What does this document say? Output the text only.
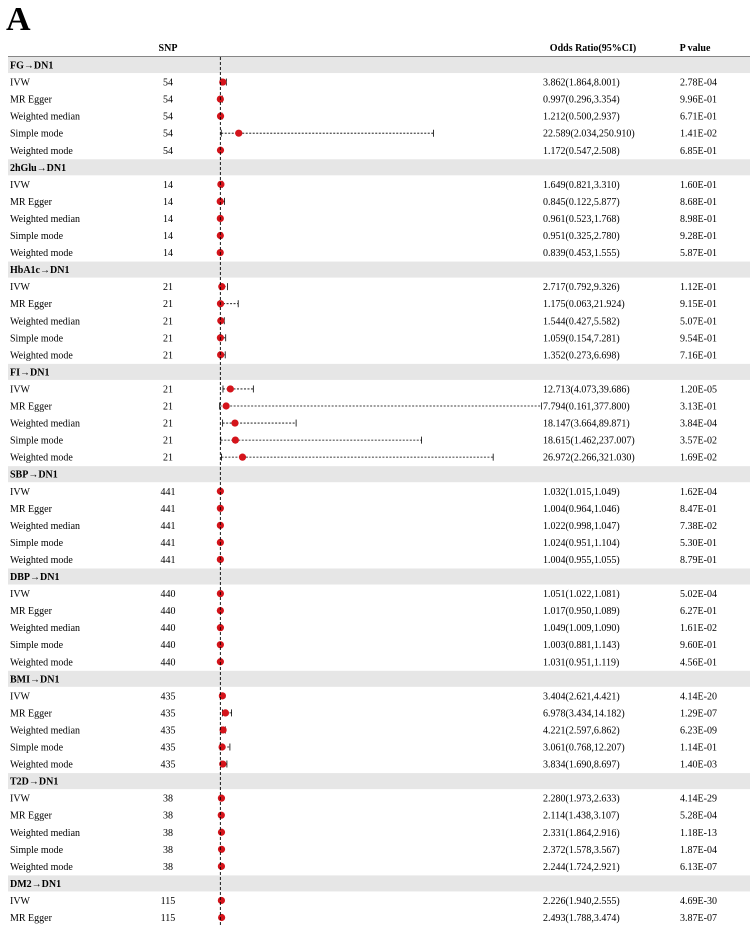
A
SNP	Odds Ratio(95%CI)	P value
FG→DN1
IVW	54	3.862(1.864,8.001)	2.78E-04
MR Egger	54	0.997(0.296,3.354)	9.96E-01
Weighted median	54	1.212(0.500,2.937)	6.71E-01
Simple mode	54	22.589(2.034,250.910)	1.41E-02
Weighted mode	54	1.172(0.547,2.508)	6.85E-01
2hGlu→DN1
IVW	14	1.649(0.821,3.310)	1.60E-01
MR Egger	14	0.845(0.122,5.877)	8.68E-01
Weighted median	14	0.961(0.523,1.768)	8.98E-01
Simple mode	14	0.951(0.325,2.780)	9.28E-01
Weighted mode	14	0.839(0.453,1.555)	5.87E-01
HbA1c→DN1
IVW	21	2.717(0.792,9.326)	1.12E-01
MR Egger	21	1.175(0.063,21.924)	9.15E-01
Weighted median	21	1.544(0.427,5.582)	5.07E-01
Simple mode	21	1.059(0.154,7.281)	9.54E-01
Weighted mode	21	1.352(0.273,6.698)	7.16E-01
FI→DN1
IVW	21	12.713(4.073,39.686)	1.20E-05
MR Egger	21	7.794(0.161,377.800)	3.13E-01
Weighted median	21	18.147(3.664,89.871)	3.84E-04
Simple mode	21	18.615(1.462,237.007)	3.57E-02
Weighted mode	21	26.972(2.266,321.030)	1.69E-02
SBP→DN1
IVW	441	1.032(1.015,1.049)	1.62E-04
MR Egger	441	1.004(0.964,1.046)	8.47E-01
Weighted median	441	1.022(0.998,1.047)	7.38E-02
Simple mode	441	1.024(0.951,1.104)	5.30E-01
Weighted mode	441	1.004(0.955,1.055)	8.79E-01
DBP→DN1
IVW	440	1.051(1.022,1.081)	5.02E-04
MR Egger	440	1.017(0.950,1.089)	6.27E-01
Weighted median	440	1.049(1.009,1.090)	1.61E-02
Simple mode	440	1.003(0.881,1.143)	9.60E-01
Weighted mode	440	1.031(0.951,1.119)	4.56E-01
BMI→DN1
IVW	435	3.404(2.621,4.421)	4.14E-20
MR Egger	435	6.978(3.434,14.182)	1.29E-07
Weighted median	435	4.221(2.597,6.862)	6.23E-09
Simple mode	435	3.061(0.768,12.207)	1.14E-01
Weighted mode	435	3.834(1.690,8.697)	1.40E-03
T2D→DN1
IVW	38	2.280(1.973,2.633)	4.14E-29
MR Egger	38	2.114(1.438,3.107)	5.28E-04
Weighted median	38	2.331(1.864,2.916)	1.18E-13
Simple mode	38	2.372(1.578,3.567)	1.87E-04
Weighted mode	38	2.244(1.724,2.921)	6.13E-07
DM2→DN1
IVW	115	2.226(1.940,2.555)	4.69E-30
MR Egger	115	2.493(1.788,3.474)	3.87E-07
